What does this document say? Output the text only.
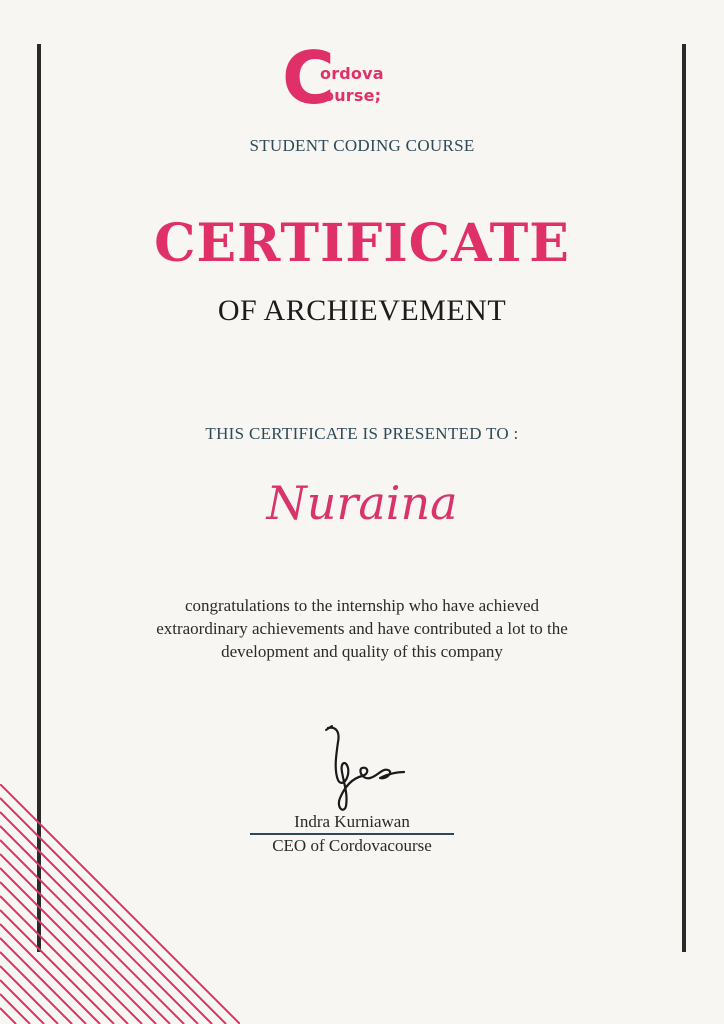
C
ordova
ourse;
STUDENT CODING COURSE
CERTIFICATE
OF ARCHIEVEMENT
THIS CERTIFICATE IS PRESENTED TO :
Nuraina
congratulations to the internship who have achieved
extraordinary achievements and have contributed a lot to the
development and quality of this company
Indra Kurniawan
CEO of Cordovacourse
